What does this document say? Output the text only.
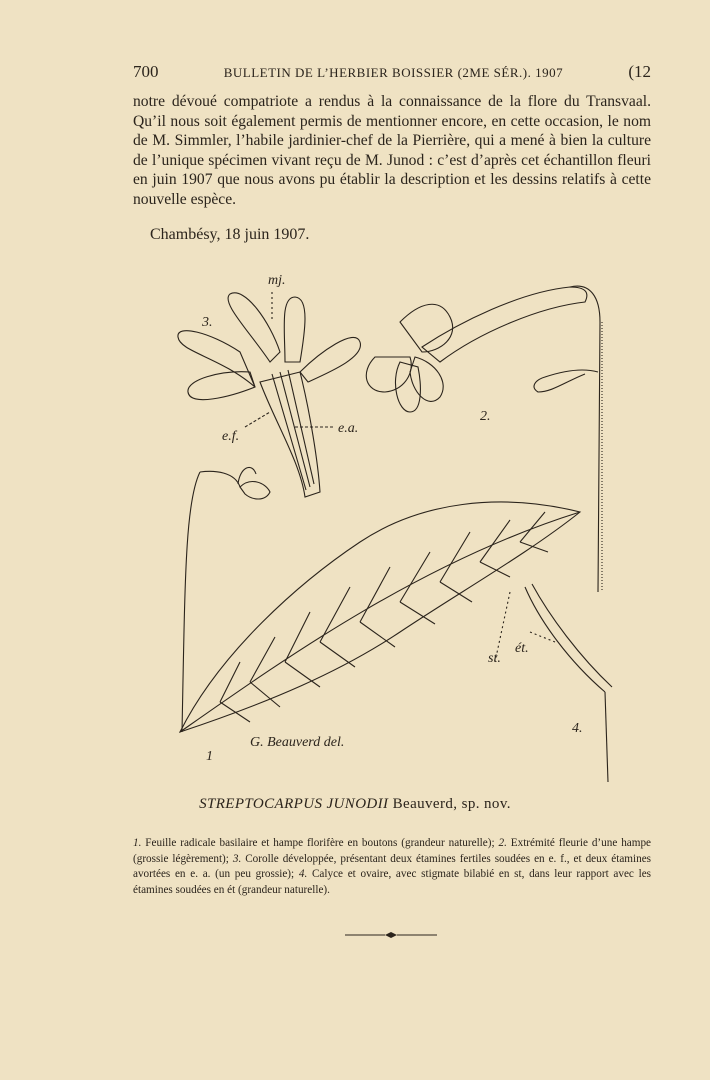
700	BULLETIN DE L’HERBIER BOISSIER (2ME SÉR.). 1907	(12

notre dévoué compatriote a rendus à la connaissance de la flore du Transvaal. Qu’il nous soit également permis de mentionner encore, en cette occasion, le nom de M. Simmler, l’habile jardinier-chef de la Pierrière, qui a mené à bien la culture de l’unique spécimen vivant reçu de M. Junod : c’est d’après cet échantillon fleuri en juin 1907 que nous avons pu établir la description et les dessins relatifs à cette nouvelle espèce.

Chambésy, 18 juin 1907.
3.
mj.
e.f.
e.a.
2.
1
st.
ét.
4.
G. Beauverd del.
STREPTOCARPUS JUNODII Beauverd, sp. nov.
1. Feuille radicale basilaire et hampe florifère en boutons (grandeur naturelle); 2. Extrémité fleurie d’une hampe (grossie légèrement); 3. Corolle développée, présentant deux étamines fertiles soudées en e. f., et deux étamines avortées en e. a. (un peu grossie); 4. Calyce et ovaire, avec stigmate bilabié en st, dans leur rapport avec les étamines soudées en ét (grandeur naturelle).
